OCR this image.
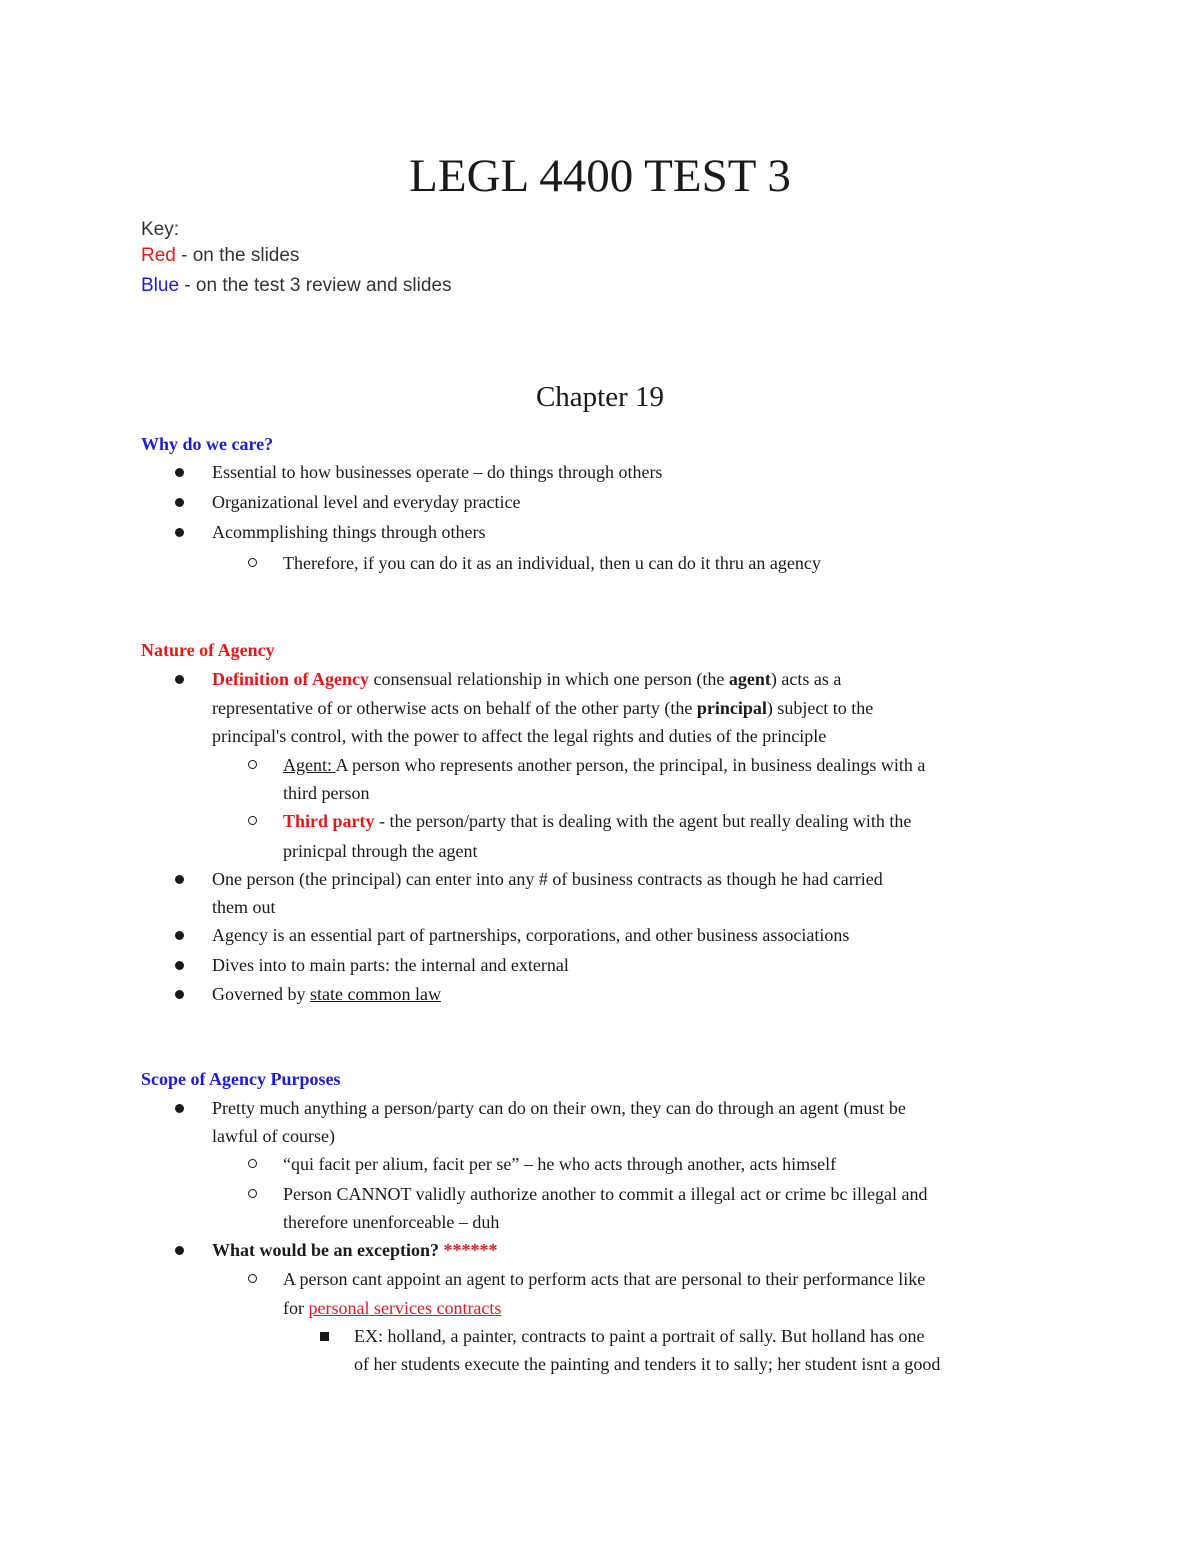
LEGL 4400 TEST 3
Key:
Red - on the slides
Blue - on the test 3 review and slides
Chapter 19
Why do we care?
Essential to how businesses operate – do things through others
Organizational level and everyday practice
Acommplishing things through others
Therefore, if you can do it as an individual, then u can do it thru an agency
Nature of Agency
Definition of Agency consensual relationship in which one person (the agent) acts as a
representative of or otherwise acts on behalf of the other party (the principal) subject to the
principal's control, with the power to affect the legal rights and duties of the principle
Agent: A person who represents another person, the principal, in business dealings with a
third person
Third party - the person/party that is dealing with the agent but really dealing with the
prinicpal through the agent
One person (the principal) can enter into any # of business contracts as though he had carried
them out
Agency is an essential part of partnerships, corporations, and other business associations
Dives into to main parts: the internal and external
Governed by state common law
Scope of Agency Purposes
Pretty much anything a person/party can do on their own, they can do through an agent (must be
lawful of course)
“qui facit per alium, facit per se” – he who acts through another, acts himself
Person CANNOT validly authorize another to commit a illegal act or crime bc illegal and
therefore unenforceable – duh
What would be an exception? ******
A person cant appoint an agent to perform acts that are personal to their performance like
for personal services contracts
EX: holland, a painter, contracts to paint a portrait of sally. But holland has one
of her students execute the painting and tenders it to sally; her student isnt a good
